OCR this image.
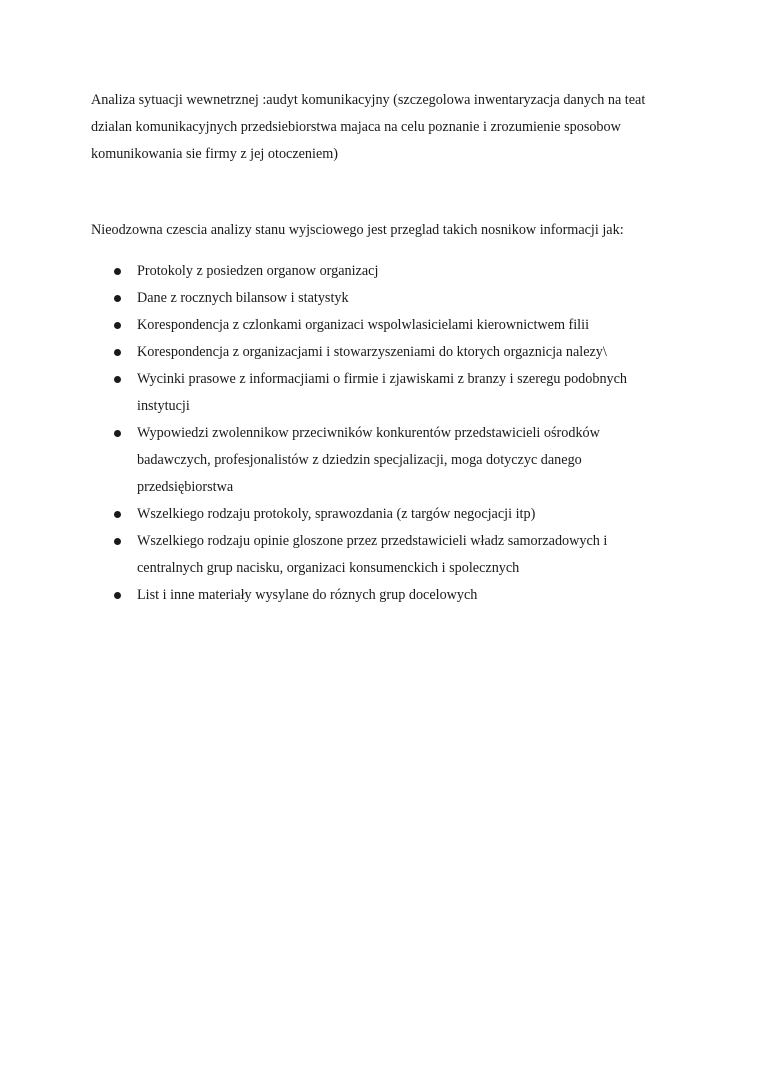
Analiza sytuacji wewnetrznej :audyt komunikacyjny (szczegolowa inwentaryzacja danych na teat dzialan komunikacyjnych przedsiebiorstwa majaca na celu poznanie i zrozumienie sposobow komunikowania sie firmy z jej otoczeniem)

Nieodzowna czescia analizy stanu wyjsciowego jest przeglad takich nosnikow informacji jak:

Protokoly z posiedzen organow organizacj
Dane z rocznych bilansow i statystyk
Korespondencja z czlonkami organizaci wspolwlasicielami kierownictwem filii
Korespondencja z organizacjami i stowarzyszeniami do ktorych orgaznicja nalezy\
Wycinki prasowe z informacjiami o firmie i zjawiskami z branzy i szeregu podobnych instytucji
Wypowiedzi zwolennikow przeciwników konkurentów przedstawicieli ośrodków badawczych, profesjonalistów z dziedzin specjalizacji, moga dotyczyc danego przedsiębiorstwa
Wszelkiego rodzaju protokoly, sprawozdania (z targów negocjacji itp)
Wszelkiego rodzaju opinie gloszone przez przedstawicieli władz samorzadowych i centralnych grup nacisku, organizaci konsumenckich i spolecznych
List i inne materiały wysylane do róznych grup docelowych
